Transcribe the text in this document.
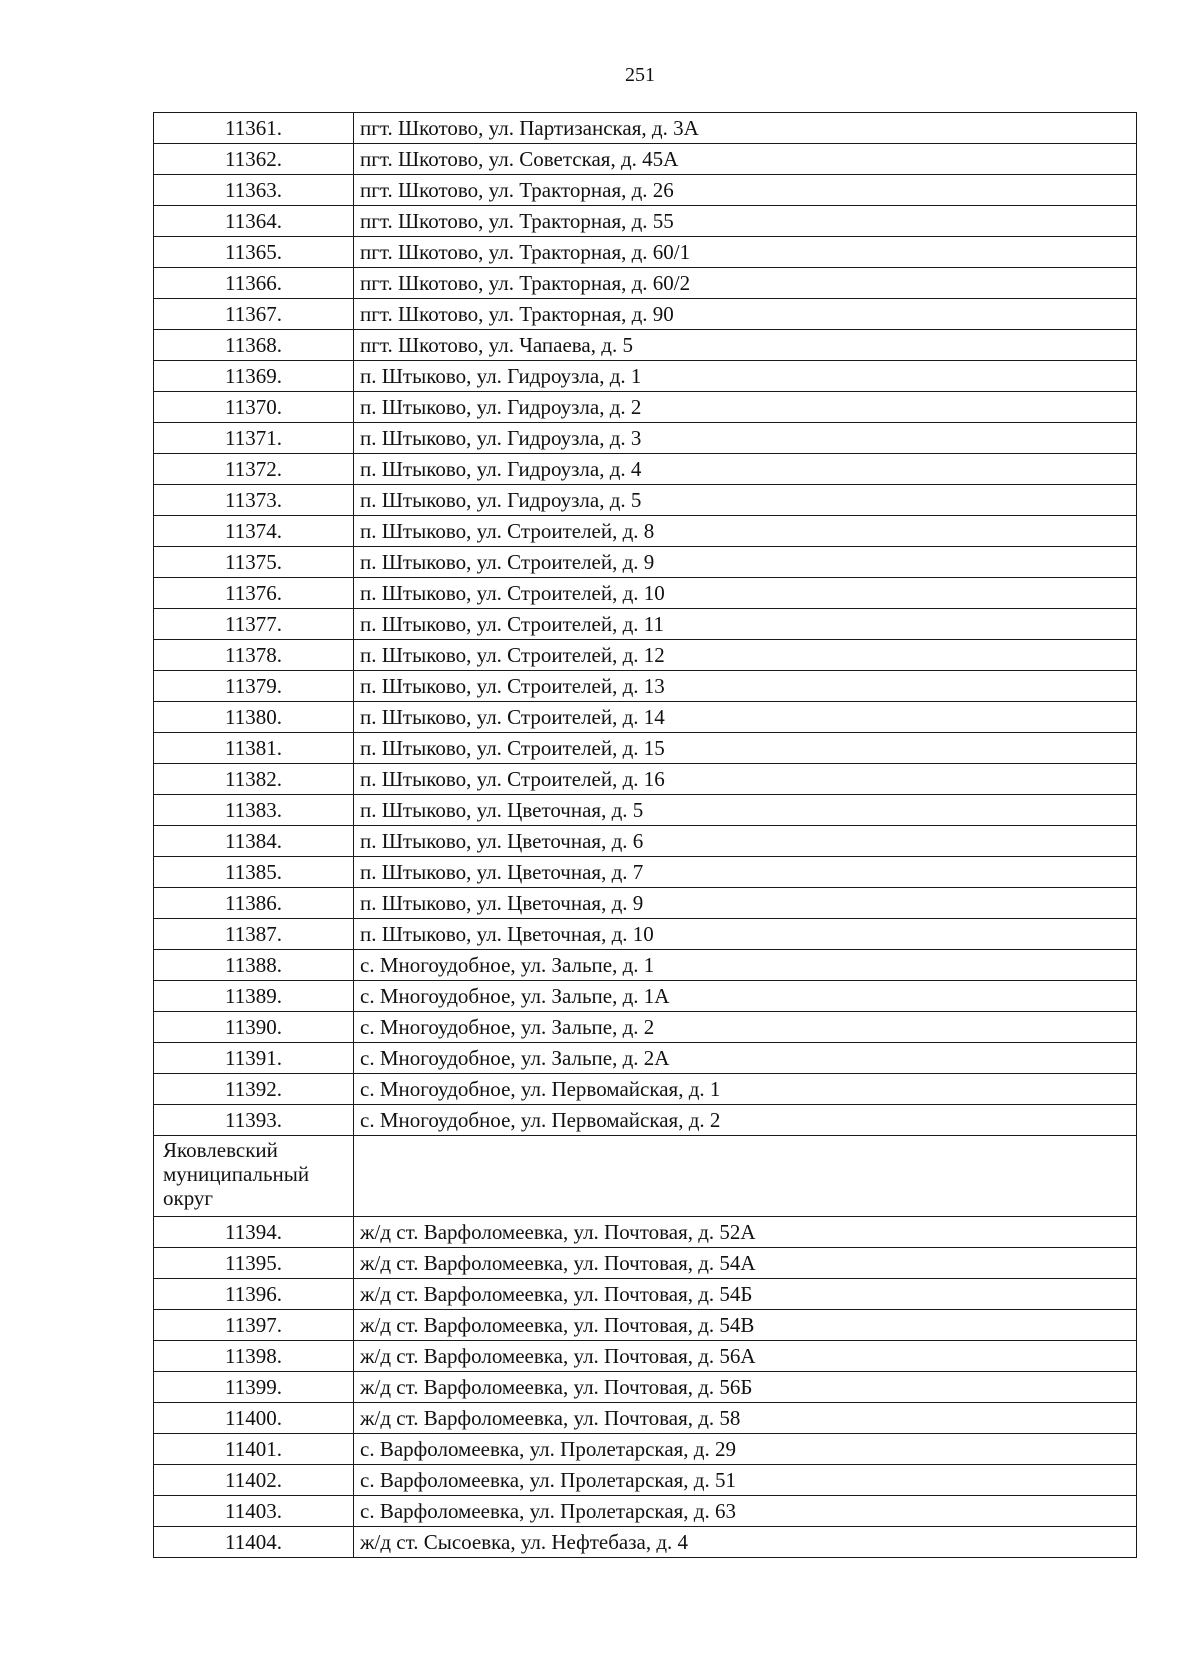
251
11361.	пгт. Шкотово, ул. Партизанская, д. 3А
11362.	пгт. Шкотово, ул. Советская, д. 45А
11363.	пгт. Шкотово, ул. Тракторная, д. 26
11364.	пгт. Шкотово, ул. Тракторная, д. 55
11365.	пгт. Шкотово, ул. Тракторная, д. 60/1
11366.	пгт. Шкотово, ул. Тракторная, д. 60/2
11367.	пгт. Шкотово, ул. Тракторная, д. 90
11368.	пгт. Шкотово, ул. Чапаева, д. 5
11369.	п. Штыково, ул. Гидроузла, д. 1
11370.	п. Штыково, ул. Гидроузла, д. 2
11371.	п. Штыково, ул. Гидроузла, д. 3
11372.	п. Штыково, ул. Гидроузла, д. 4
11373.	п. Штыково, ул. Гидроузла, д. 5
11374.	п. Штыково, ул. Строителей, д. 8
11375.	п. Штыково, ул. Строителей, д. 9
11376.	п. Штыково, ул. Строителей, д. 10
11377.	п. Штыково, ул. Строителей, д. 11
11378.	п. Штыково, ул. Строителей, д. 12
11379.	п. Штыково, ул. Строителей, д. 13
11380.	п. Штыково, ул. Строителей, д. 14
11381.	п. Штыково, ул. Строителей, д. 15
11382.	п. Штыково, ул. Строителей, д. 16
11383.	п. Штыково, ул. Цветочная, д. 5
11384.	п. Штыково, ул. Цветочная, д. 6
11385.	п. Штыково, ул. Цветочная, д. 7
11386.	п. Штыково, ул. Цветочная, д. 9
11387.	п. Штыково, ул. Цветочная, д. 10
11388.	с. Многоудобное, ул. Зальпе, д. 1
11389.	с. Многоудобное, ул. Зальпе, д. 1А
11390.	с. Многоудобное, ул. Зальпе, д. 2
11391.	с. Многоудобное, ул. Зальпе, д. 2А
11392.	с. Многоудобное, ул. Первомайская, д. 1
11393.	с. Многоудобное, ул. Первомайская, д. 2
Яковлевский муниципальный округ	
11394.	ж/д ст. Варфоломеевка, ул. Почтовая, д. 52А
11395.	ж/д ст. Варфоломеевка, ул. Почтовая, д. 54А
11396.	ж/д ст. Варфоломеевка, ул. Почтовая, д. 54Б
11397.	ж/д ст. Варфоломеевка, ул. Почтовая, д. 54В
11398.	ж/д ст. Варфоломеевка, ул. Почтовая, д. 56А
11399.	ж/д ст. Варфоломеевка, ул. Почтовая, д. 56Б
11400.	ж/д ст. Варфоломеевка, ул. Почтовая, д. 58
11401.	с. Варфоломеевка, ул. Пролетарская, д. 29
11402.	с. Варфоломеевка, ул. Пролетарская, д. 51
11403.	с. Варфоломеевка, ул. Пролетарская, д. 63
11404.	ж/д ст. Сысоевка, ул. Нефтебаза, д. 4
